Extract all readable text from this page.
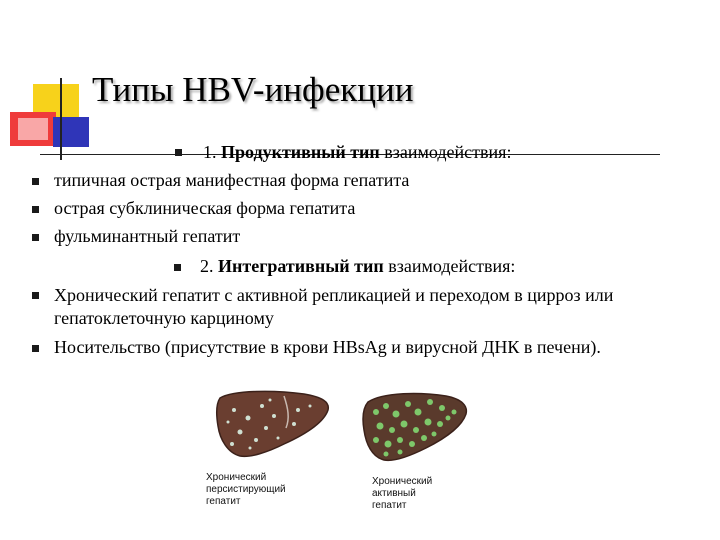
Типы HBV-инфекции
1. Продуктивный тип взаимодействия:
типичная острая манифестная форма гепатита
острая субклиническая форма гепатита
фульминантный гепатит
2. Интегративный тип взаимодействия:
Хронический гепатит с активной репликацией и переходом в цирроз или
гепатоклеточную карциному
Носительство (присутствие в крови HBsAg и вирусной ДНК в печени).
Хронический
персистирующий
гепатит
Хронический
активный
гепатит
